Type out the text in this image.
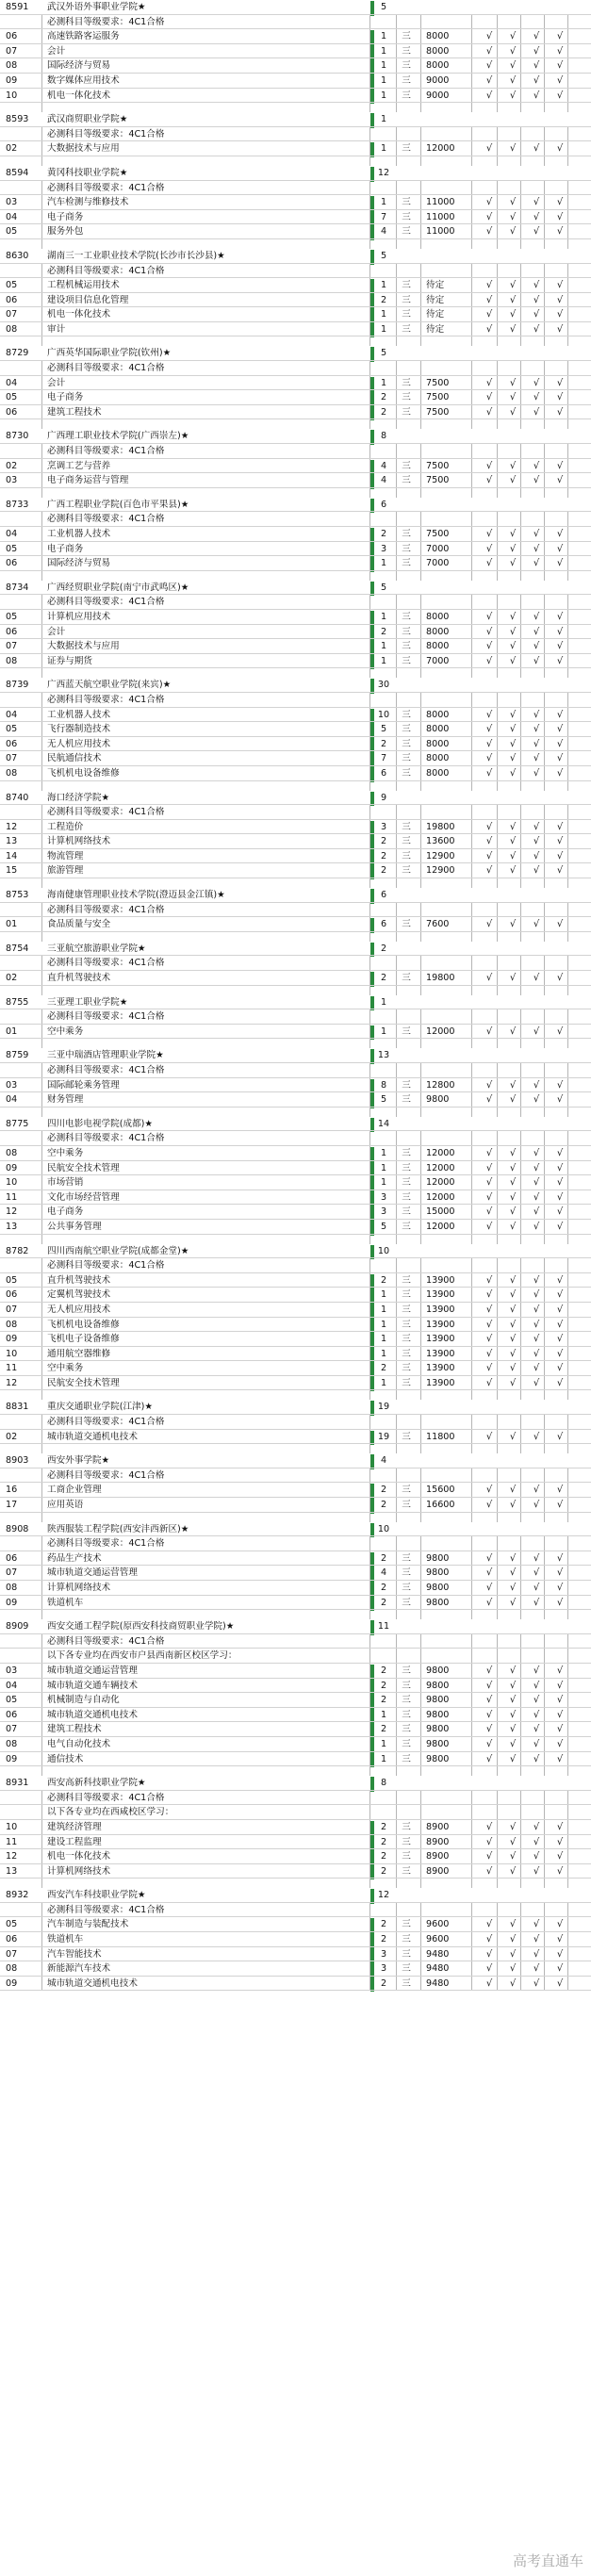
8591	武汉外语外事职业学院★	5
必测科目等级要求：4C1合格
06	高速铁路客运服务	1	三	8000	√	√	√	√
07	会计	1	三	8000	√	√	√	√
08	国际经济与贸易	1	三	8000	√	√	√	√
09	数字媒体应用技术	1	三	9000	√	√	√	√
10	机电一体化技术	1	三	9000	√	√	√	√
8593	武汉商贸职业学院★	1
必测科目等级要求：4C1合格
02	大数据技术与应用	1	三	12000	√	√	√	√
8594	黄冈科技职业学院★	12
必测科目等级要求：4C1合格
03	汽车检测与维修技术	1	三	11000	√	√	√	√
04	电子商务	7	三	11000	√	√	√	√
05	服务外包	4	三	11000	√	√	√	√
8630	湖南三一工业职业技术学院(长沙市长沙县)★	5
必测科目等级要求：4C1合格
05	工程机械运用技术	1	三	待定	√	√	√	√
06	建设项目信息化管理	2	三	待定	√	√	√	√
07	机电一体化技术	1	三	待定	√	√	√	√
08	审计	1	三	待定	√	√	√	√
8729	广西英华国际职业学院(钦州)★	5
必测科目等级要求：4C1合格
04	会计	1	三	7500	√	√	√	√
05	电子商务	2	三	7500	√	√	√	√
06	建筑工程技术	2	三	7500	√	√	√	√
8730	广西理工职业技术学院(广西崇左)★	8
必测科目等级要求：4C1合格
02	烹调工艺与营养	4	三	7500	√	√	√	√
03	电子商务运营与管理	4	三	7500	√	√	√	√
8733	广西工程职业学院(百色市平果县)★	6
必测科目等级要求：4C1合格
04	工业机器人技术	2	三	7500	√	√	√	√
05	电子商务	3	三	7000	√	√	√	√
06	国际经济与贸易	1	三	7000	√	√	√	√
8734	广西经贸职业学院(南宁市武鸣区)★	5
必测科目等级要求：4C1合格
05	计算机应用技术	1	三	8000	√	√	√	√
06	会计	2	三	8000	√	√	√	√
07	大数据技术与应用	1	三	8000	√	√	√	√
08	证券与期货	1	三	7000	√	√	√	√
8739	广西蓝天航空职业学院(来宾)★	30
必测科目等级要求：4C1合格
04	工业机器人技术	10	三	8000	√	√	√	√
05	飞行器制造技术	5	三	8000	√	√	√	√
06	无人机应用技术	2	三	8000	√	√	√	√
07	民航通信技术	7	三	8000	√	√	√	√
08	飞机机电设备维修	6	三	8000	√	√	√	√
8740	海口经济学院★	9
必测科目等级要求：4C1合格
12	工程造价	3	三	19800	√	√	√	√
13	计算机网络技术	2	三	13600	√	√	√	√
14	物流管理	2	三	12900	√	√	√	√
15	旅游管理	2	三	12900	√	√	√	√
8753	海南健康管理职业技术学院(澄迈县金江镇)★	6
必测科目等级要求：4C1合格
01	食品质量与安全	6	三	7600	√	√	√	√
8754	三亚航空旅游职业学院★	2
必测科目等级要求：4C1合格
02	直升机驾驶技术	2	三	19800	√	√	√	√
8755	三亚理工职业学院★	1
必测科目等级要求：4C1合格
01	空中乘务	1	三	12000	√	√	√	√
8759	三亚中瑞酒店管理职业学院★	13
必测科目等级要求：4C1合格
03	国际邮轮乘务管理	8	三	12800	√	√	√	√
04	财务管理	5	三	9800	√	√	√	√
8775	四川电影电视学院(成都)★	14
必测科目等级要求：4C1合格
08	空中乘务	1	三	12000	√	√	√	√
09	民航安全技术管理	1	三	12000	√	√	√	√
10	市场营销	1	三	12000	√	√	√	√
11	文化市场经营管理	3	三	12000	√	√	√	√
12	电子商务	3	三	15000	√	√	√	√
13	公共事务管理	5	三	12000	√	√	√	√
8782	四川西南航空职业学院(成都金堂)★	10
必测科目等级要求：4C1合格
05	直升机驾驶技术	2	三	13900	√	√	√	√
06	定翼机驾驶技术	1	三	13900	√	√	√	√
07	无人机应用技术	1	三	13900	√	√	√	√
08	飞机机电设备维修	1	三	13900	√	√	√	√
09	飞机电子设备维修	1	三	13900	√	√	√	√
10	通用航空器维修	1	三	13900	√	√	√	√
11	空中乘务	2	三	13900	√	√	√	√
12	民航安全技术管理	1	三	13900	√	√	√	√
8831	重庆交通职业学院(江津)★	19
必测科目等级要求：4C1合格
02	城市轨道交通机电技术	19	三	11800	√	√	√	√
8903	西安外事学院★	4
必测科目等级要求：4C1合格
16	工商企业管理	2	三	15600	√	√	√	√
17	应用英语	2	三	16600	√	√	√	√
8908	陕西服装工程学院(西安沣西新区)★	10
必测科目等级要求：4C1合格
06	药品生产技术	2	三	9800	√	√	√	√
07	城市轨道交通运营管理	4	三	9800	√	√	√	√
08	计算机网络技术	2	三	9800	√	√	√	√
09	铁道机车	2	三	9800	√	√	√	√
8909	西安交通工程学院(原西安科技商贸职业学院)★	11
必测科目等级要求：4C1合格
以下各专业均在西安市户县西南新区校区学习：
03	城市轨道交通运营管理	2	三	9800	√	√	√	√
04	城市轨道交通车辆技术	2	三	9800	√	√	√	√
05	机械制造与自动化	2	三	9800	√	√	√	√
06	城市轨道交通机电技术	1	三	9800	√	√	√	√
07	建筑工程技术	2	三	9800	√	√	√	√
08	电气自动化技术	1	三	9800	√	√	√	√
09	通信技术	1	三	9800	√	√	√	√
8931	西安高新科技职业学院★	8
必测科目等级要求：4C1合格
以下各专业均在西咸校区学习：
10	建筑经济管理	2	三	8900	√	√	√	√
11	建设工程监理	2	三	8900	√	√	√	√
12	机电一体化技术	2	三	8900	√	√	√	√
13	计算机网络技术	2	三	8900	√	√	√	√
8932	西安汽车科技职业学院★	12
必测科目等级要求：4C1合格
05	汽车制造与装配技术	2	三	9600	√	√	√	√
06	铁道机车	2	三	9600	√	√	√	√
07	汽车智能技术	3	三	9480	√	√	√	√
08	新能源汽车技术	3	三	9480	√	√	√	√
09	城市轨道交通机电技术	2	三	9480	√	√	√	√
高考直通车
